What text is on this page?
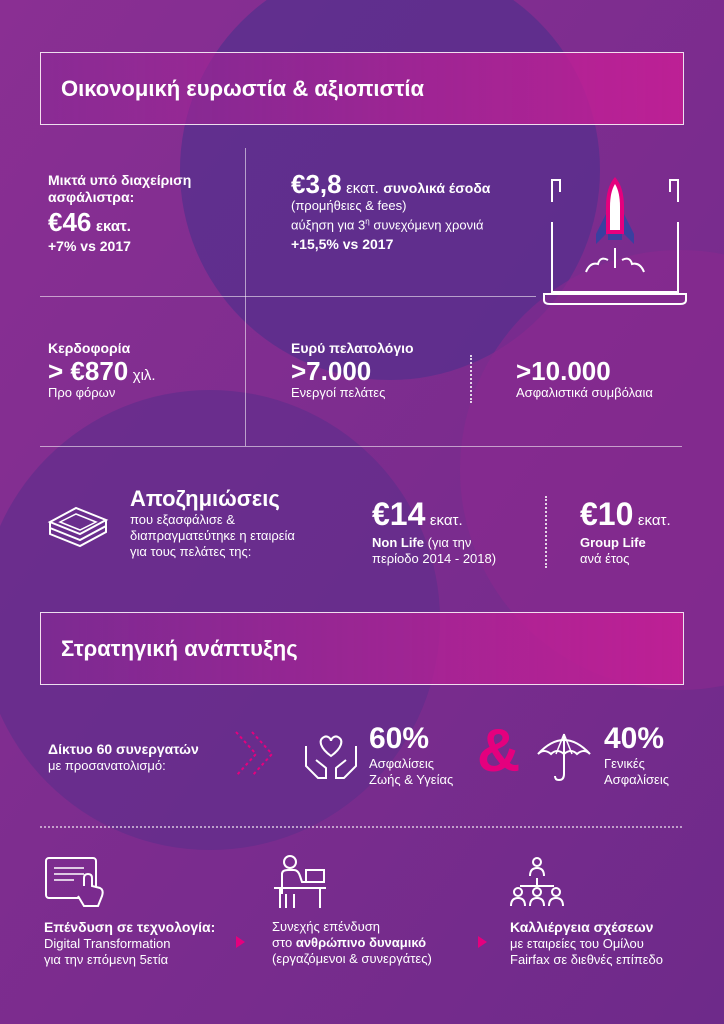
Οικονομική ευρωστία & αξιοπιστία
Μικτά υπό διαχείριση
ασφάλιστρα:
€46 εκατ.
+7% vs 2017
€3,8 εκατ. συνολικά έσοδα
(προμήθειες & fees)
αύξηση για $3^\eta$ συνεχόμενη χρονιά
+15,5% vs 2017
Κερδοφορία
> €870 χιλ.
Προ φόρων
Ευρύ πελατολόγιο
>7.000
Ενεργοί πελάτες
>10.000
Ασφαλιστικά συμβόλαια
Αποζημιώσεις
που εξασφάλισε &
διαπραγματεύτηκε η εταιρεία
για τους πελάτες της:
€14 εκατ.
Non Life (για την
περίοδο 2014 - 2018)
€10 εκατ.
Group Life
ανά έτος
Στρατηγική ανάπτυξης
Δίκτυο 60 συνεργατών
με προσανατολισμό:
60%
Ασφαλίσεις
Ζωής & Υγείας &	40%
Γενικές
Ασφαλίσεις
Επένδυση σε τεχνολογία:
Digital Transformation
για την επόμενη 5ετία
Συνεχής επένδυση
στο ανθρώπινο δυναμικό
(εργαζόμενοι & συνεργάτες)
Καλλιέργεια σχέσεων
με εταιρείες του Ομίλου
Fairfax σε διεθνές επίπεδο
